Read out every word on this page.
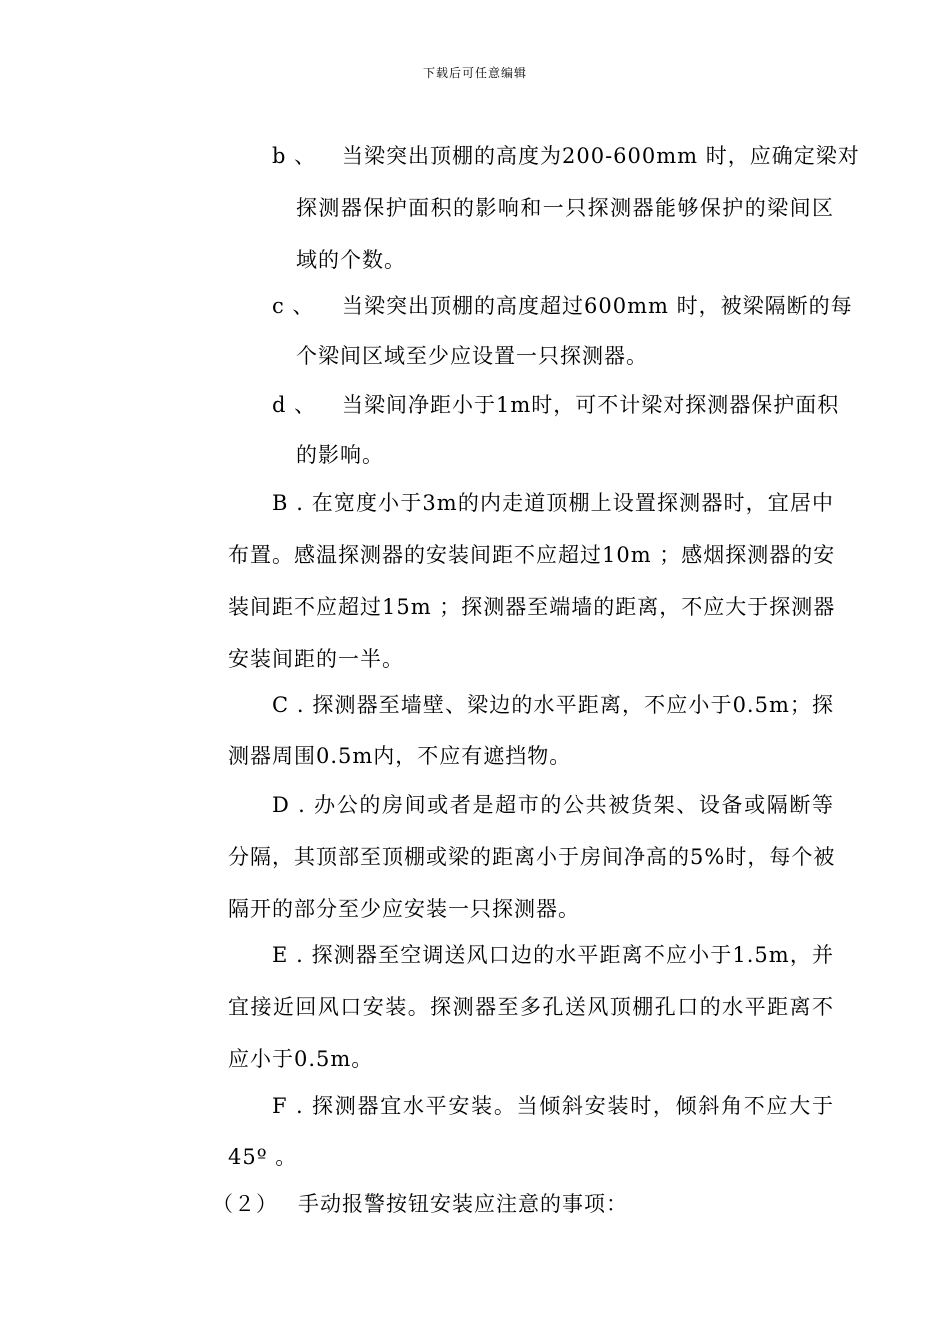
下载后可任意编辑
b 、 当梁突出顶棚的高度为200-600mm 时，应确定梁对
探测器保护面积的影响和一只探测器能够保护的梁间区
域的个数。
c 、 当梁突出顶棚的高度超过600mm 时，被梁隔断的每
个梁间区域至少应设置一只探测器。
d 、 当梁间净距小于1m时，可不计梁对探测器保护面积
的影响。
B . 在宽度小于3m的内走道顶棚上设置探测器时，宜居中
布置。感温探测器的安装间距不应超过10m ；感烟探测器的安
装间距不应超过15m ；探测器至端墙的距离，不应大于探测器
安装间距的一半。
C . 探测器至墙壁、梁边的水平距离，不应小于0.5m；探
测器周围0.5m内，不应有遮挡物。
D . 办公的房间或者是超市的公共被货架、设备或隔断等
分隔，其顶部至顶棚或梁的距离小于房间净高的5%时，每个被
隔开的部分至少应安装一只探测器。
E . 探测器至空调送风口边的水平距离不应小于1.5m，并
宜接近回风口安装。探测器至多孔送风顶棚孔口的水平距离不
应小于0.5m。
F . 探测器宜水平安装。当倾斜安装时，倾斜角不应大于
45º 。
（２） 手动报警按钮安装应注意的事项：
